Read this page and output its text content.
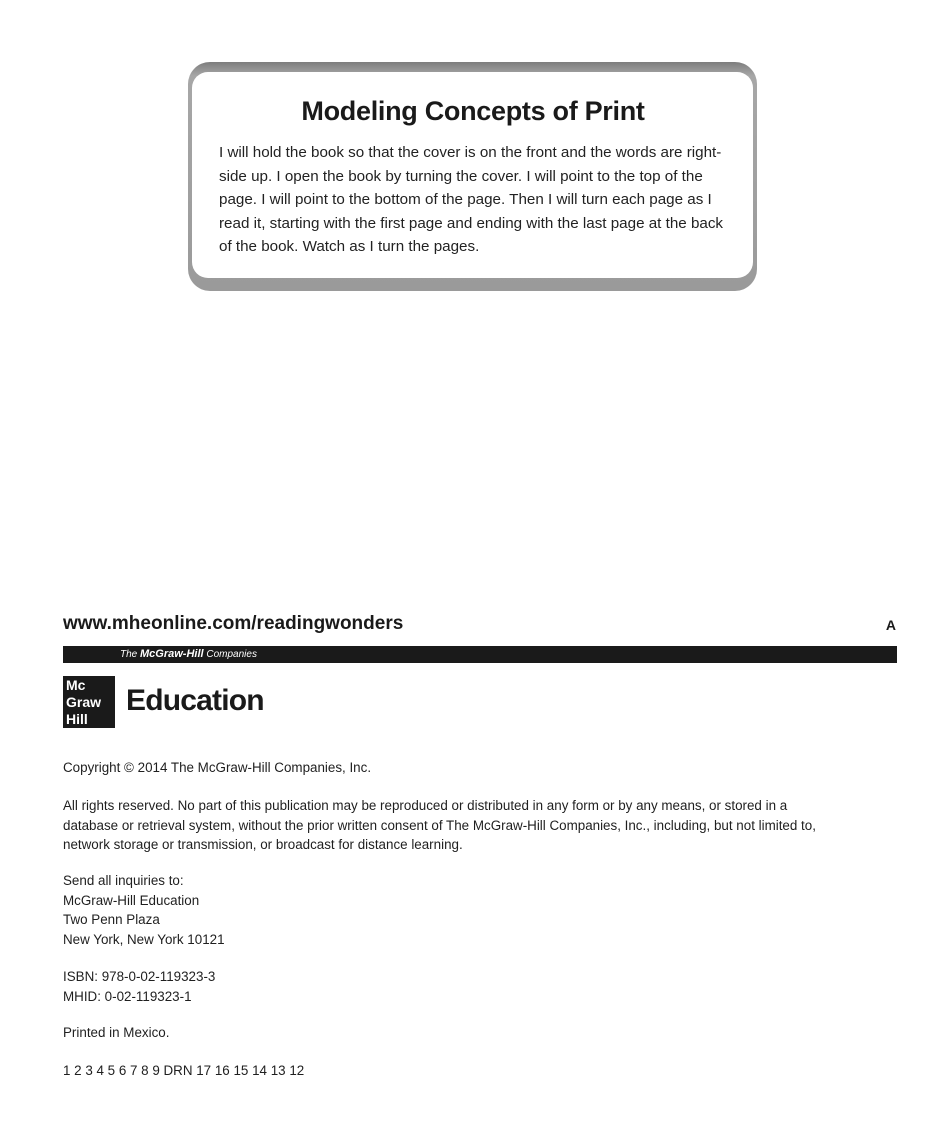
Modeling Concepts of Print

I will hold the book so that the cover is on the front and the words are right-side up. I open the book by turning the cover. I will point to the top of the page. I will point to the bottom of the page. Then I will turn each page as I read it, starting with the first page and ending with the last page at the back of the book. Watch as I turn the pages.

www.mheonline.com/readingwonders	A
The McGraw-Hill Companies
Mc
Graw
Hill
Education

Copyright © 2014 The McGraw-Hill Companies, Inc.

All rights reserved. No part of this publication may be reproduced or distributed in any form or by any means, or stored in a database or retrieval system, without the prior written consent of The McGraw-Hill Companies, Inc., including, but not limited to, network storage or transmission, or broadcast for distance learning.

Send all inquiries to:

McGraw-Hill Education

Two Penn Plaza

New York, New York 10121

ISBN: 978-0-02-119323-3

MHID: 0-02-119323-1

Printed in Mexico.

1 2 3 4 5 6 7 8 9 DRN 17 16 15 14 13 12
